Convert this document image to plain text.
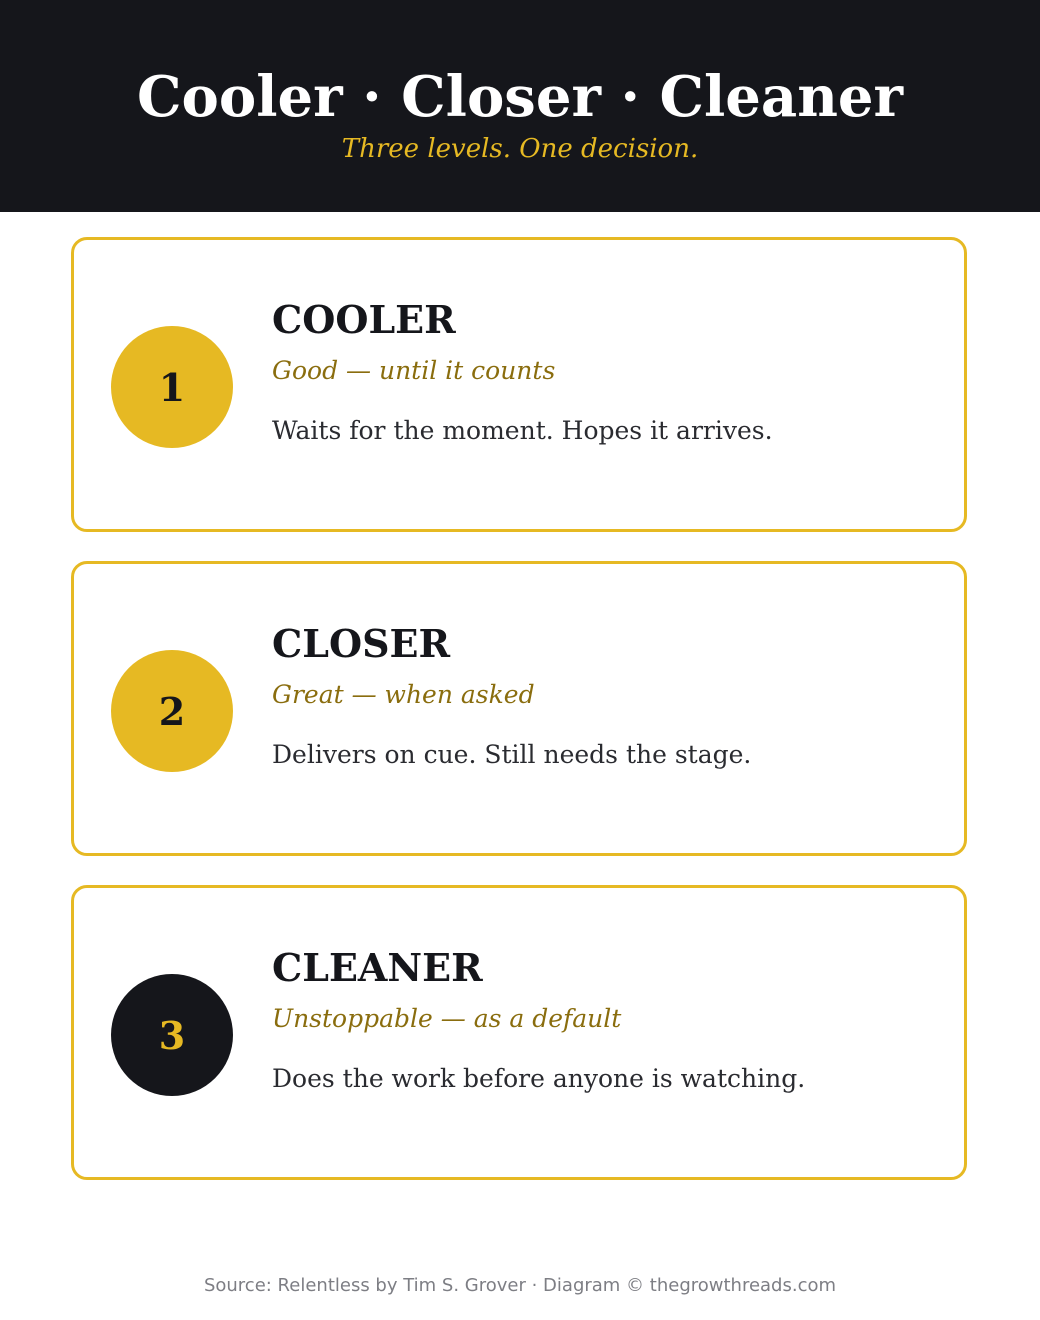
Cooler · Closer · Cleaner
Three levels. One decision.
1
COOLER
Good — until it counts
Waits for the moment. Hopes it arrives.
2
CLOSER
Great — when asked
Delivers on cue. Still needs the stage.
3
CLEANER
Unstoppable — as a default
Does the work before anyone is watching.
Source: Relentless by Tim S. Grover · Diagram © thegrowthreads.com
